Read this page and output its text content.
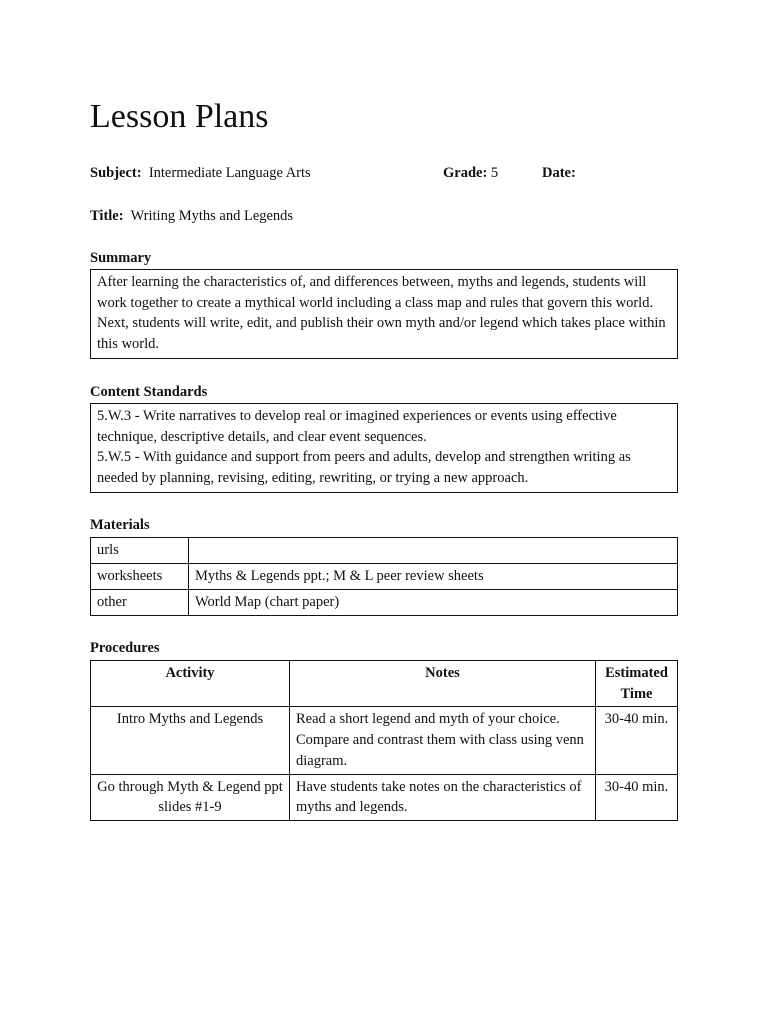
Lesson Plans
Subject: Intermediate Language Arts	Grade: 5	Date:
Title: Writing Myths and Legends
Summary

After learning the characteristics of, and differences between, myths and legends, students will work together to create a mythical world including a class map and rules that govern this world. Next, students will write, edit, and publish their own myth and/or legend which takes place within this world.

Content Standards

5.W.3 - Write narratives to develop real or imagined experiences or events using effective technique, descriptive details, and clear event sequences.

5.W.5 - With guidance and support from peers and adults, develop and strengthen writing as needed by planning, revising, editing, rewriting, or trying a new approach.

Materials
urls	
worksheets	Myths & Legends ppt.; M & L peer review sheets
other	World Map (chart paper)
Procedures
Activity	Notes	Estimated Time
Intro Myths and Legends	Read a short legend and myth of your choice. Compare and contrast them with class using venn diagram.	30-40 min.
Go through Myth & Legend ppt slides #1-9	Have students take notes on the characteristics of myths and legends.	30-40 min.
